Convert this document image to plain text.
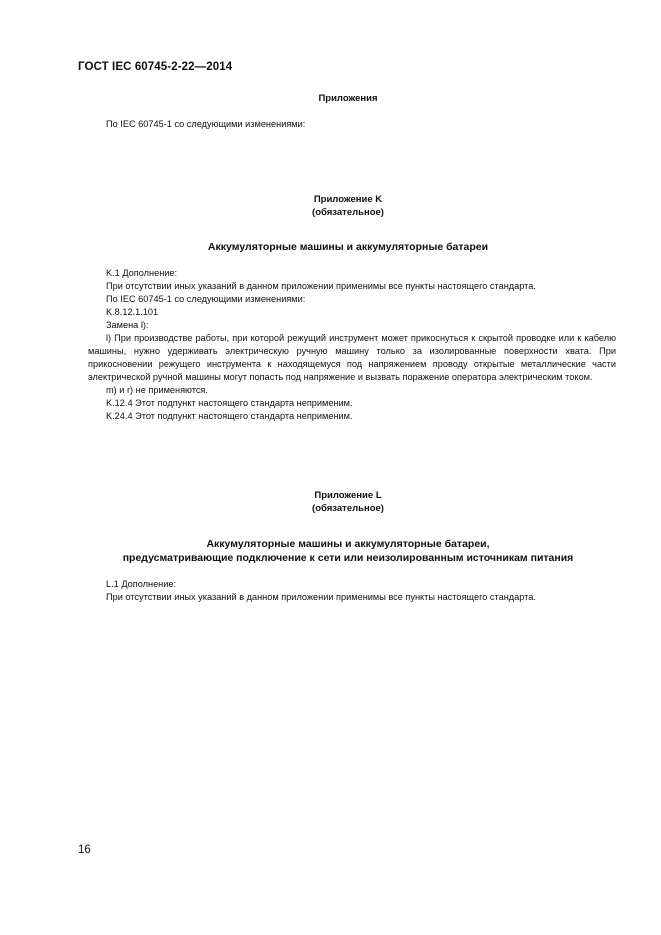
ГОСТ IEC 60745-2-22—2014
Приложения
По IEC 60745-1 со следующими изменениями:
Приложение K
(обязательное)
Аккумуляторные машины и аккумуляторные батареи
K.1 Дополнение:
При отсутствии иных указаний в данном приложении применимы все пункты настоящего стандарта.
По IEC 60745-1 со следующими изменениями:
K.8.12.1.101
Замена l):
l) При производстве работы, при которой режущий инструмент может прикоснуться к скрытой проводке или к кабелю машины, нужно удерживать электрическую ручную машину только за изолированные поверхности хвата. При прикосновении режущего инструмента к находящемуся под напряжением проводу открытые металлические части электрической ручной машины могут попасть под напряжение и вызвать поражение оператора электрическим током.
m) и r) не применяются.
K.12.4 Этот подпункт настоящего стандарта неприменим.
K.24.4 Этот подпункт настоящего стандарта неприменим.
Приложение L
(обязательное)
Аккумуляторные машины и аккумуляторные батареи,
предусматривающие подключение к сети или неизолированным источникам питания
L.1 Дополнение:
При отсутствии иных указаний в данном приложении применимы все пункты настоящего стандарта.
16
